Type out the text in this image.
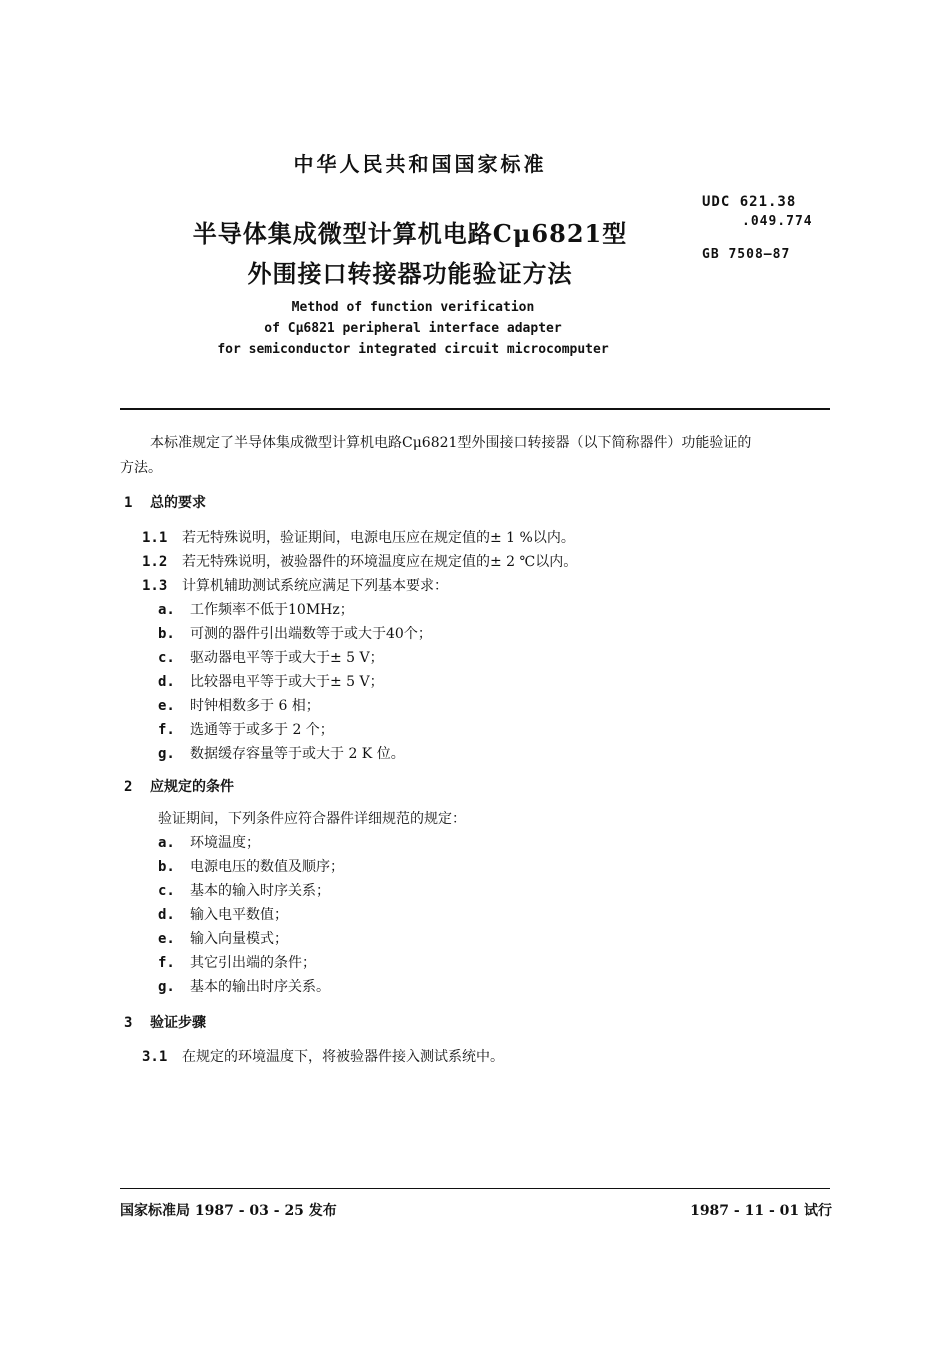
中华人民共和国国家标准
UDC 621.38
.049.774
GB 7508—87
半导体集成微型计算机电路Cμ6821型
外围接口转接器功能验证方法
Method of function verification
of Cμ6821 peripheral interface adapter
for semiconductor integrated circuit microcomputer
本标准规定了半导体集成微型计算机电路Cμ6821型外围接口转接器（以下简称器件）功能验证的
方法。
1 总的要求
1.1 若无特殊说明，验证期间，电源电压应在规定值的± 1 %以内。
1.2 若无特殊说明，被验器件的环境温度应在规定值的± 2 ℃以内。
1.3 计算机辅助测试系统应满足下列基本要求：
a. 工作频率不低于10MHz；
b. 可测的器件引出端数等于或大于40个；
c. 驱动器电平等于或大于± 5 V；
d. 比较器电平等于或大于± 5 V；
e. 时钟相数多于 6 相；
f. 选通等于或多于 2 个；
g. 数据缓存容量等于或大于 2 K 位。
2 应规定的条件
验证期间，下列条件应符合器件详细规范的规定：
a. 环境温度；
b. 电源电压的数值及顺序；
c. 基本的输入时序关系；
d. 输入电平数值；
e. 输入向量模式；
f. 其它引出端的条件；
g. 基本的输出时序关系。
3 验证步骤
3.1 在规定的环境温度下，将被验器件接入测试系统中。
国家标准局 1987 - 03 - 25 发布	1987 - 11 - 01 试行
